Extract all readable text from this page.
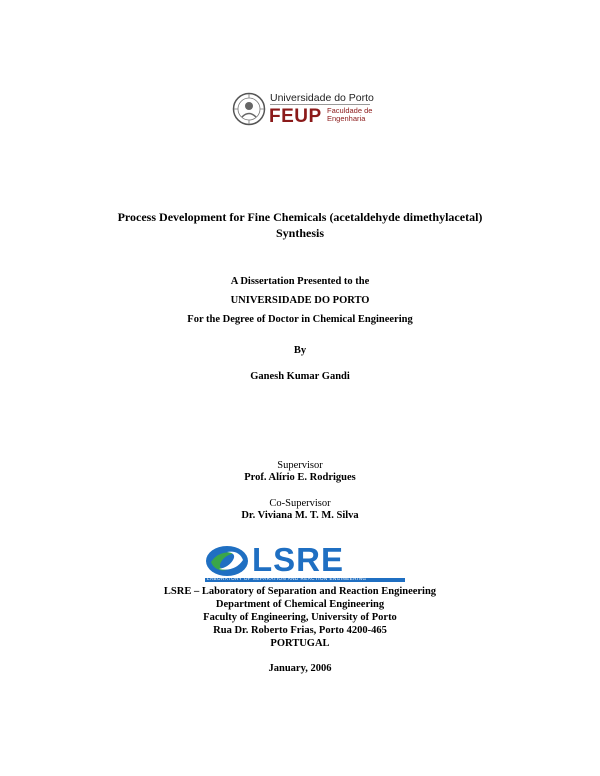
Universidade do Porto
FEUP Faculdade de
Engenharia
Process Development for Fine Chemicals (acetaldehyde dimethylacetal)
Synthesis
A Dissertation Presented to the
UNIVERSIDADE DO PORTO
For the Degree of Doctor in Chemical Engineering
By
Ganesh Kumar Gandi
Supervisor
Prof. Alírio E. Rodrigues
Co-Supervisor
Dr. Viviana M. T. M. Silva
LSRE
LABORATORY OF SEPARATION AND REACTION ENGINEERING
LSRE – Laboratory of Separation and Reaction Engineering
Department of Chemical Engineering
Faculty of Engineering, University of Porto
Rua Dr. Roberto Frias, Porto 4200-465
PORTUGAL
January, 2006
